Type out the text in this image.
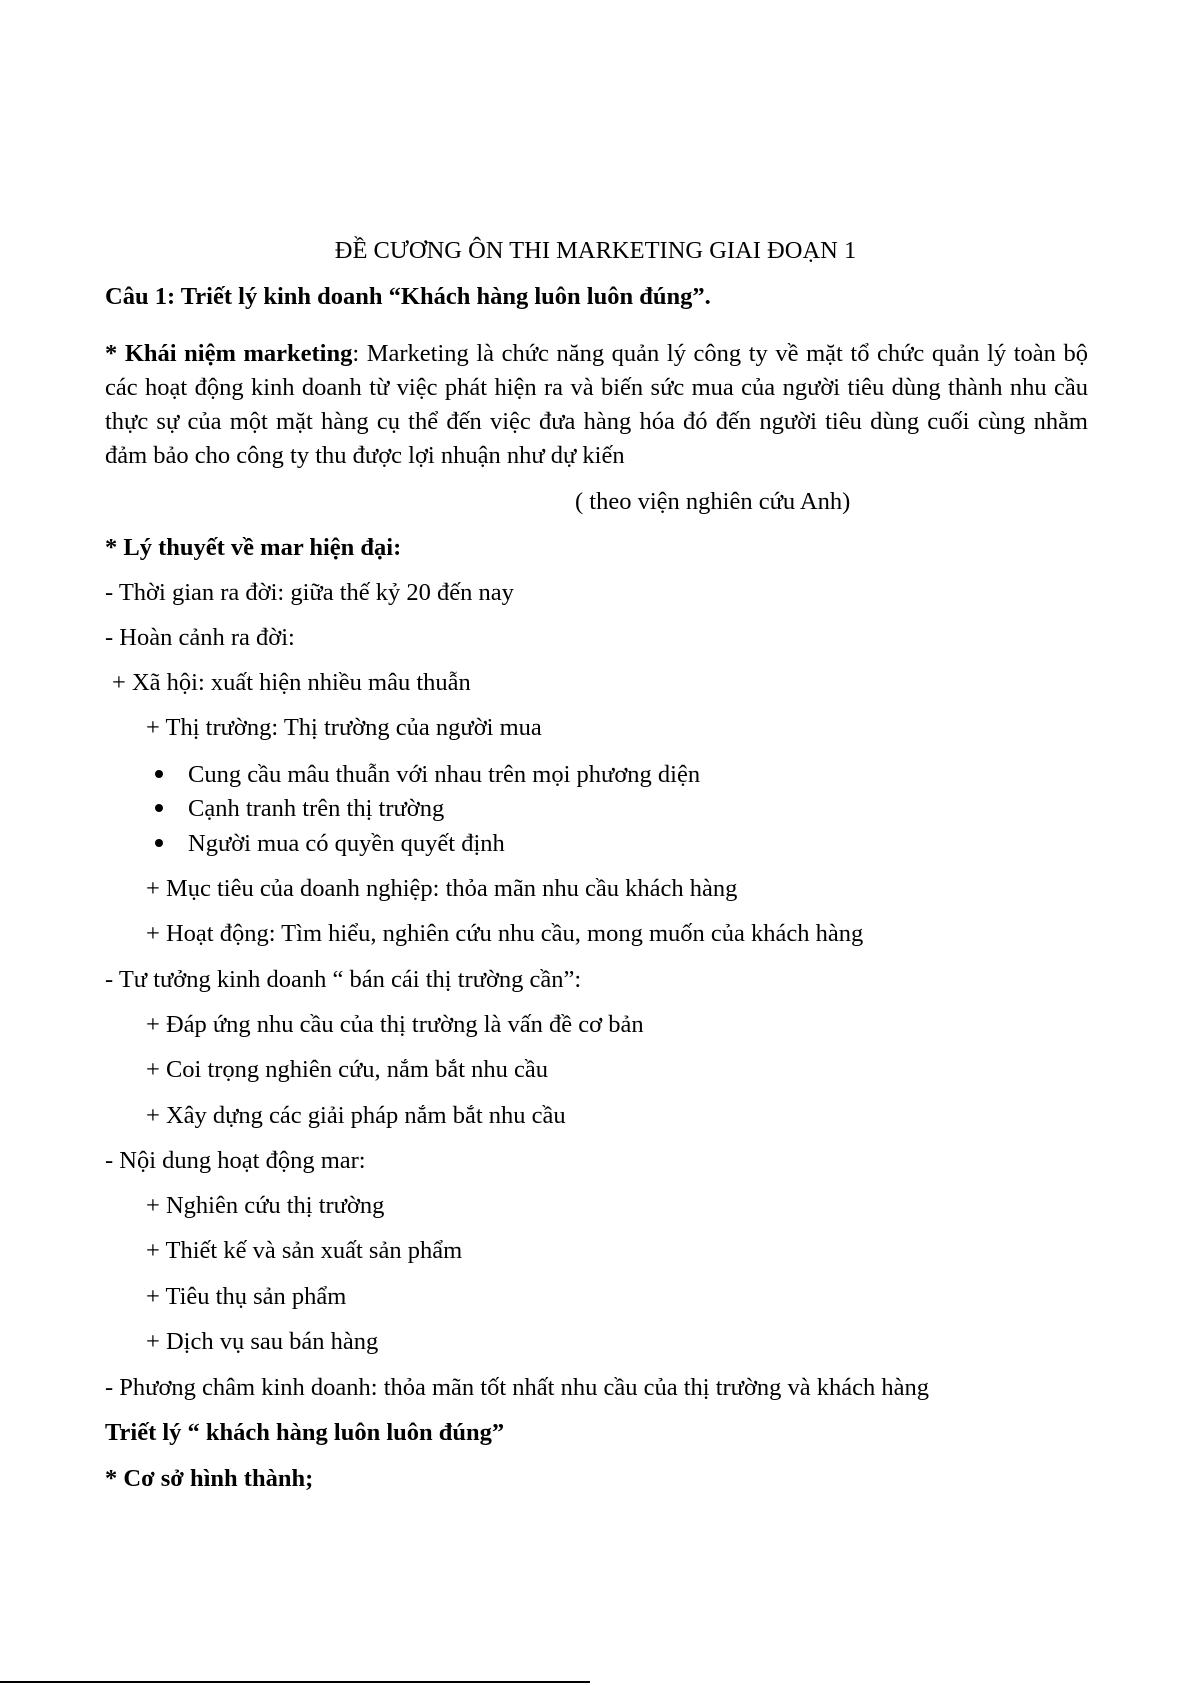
ĐỀ CƯƠNG ÔN THI MARKETING GIAI ĐOẠN 1
Câu 1: Triết lý kinh doanh “Khách hàng luôn luôn đúng”.
* Khái niệm marketing: Marketing là chức năng quản lý công ty về mặt tổ chức quản lý toàn bộ các hoạt động kinh doanh từ việc phát hiện ra và biến sức mua của người tiêu dùng thành nhu cầu thực sự của một mặt hàng cụ thể đến việc đưa hàng hóa đó đến người tiêu dùng cuối cùng nhằm đảm bảo cho công ty thu được lợi nhuận như dự kiến
( theo viện nghiên cứu Anh)
* Lý thuyết về mar hiện đại:
- Thời gian ra đời: giữa thế kỷ 20 đến nay
- Hoàn cảnh ra đời:
+ Xã hội: xuất hiện nhiều mâu thuẫn
+ Thị trường: Thị trường của người mua
Cung cầu mâu thuẫn với nhau trên mọi phương diện
Cạnh tranh trên thị trường
Người mua có quyền quyết định
+ Mục tiêu của doanh nghiệp: thỏa mãn nhu cầu khách hàng
+ Hoạt động: Tìm hiểu, nghiên cứu nhu cầu, mong muốn của khách hàng
- Tư tưởng kinh doanh “ bán cái thị trường cần”:
+ Đáp ứng nhu cầu của thị trường là vấn đề cơ bản
+ Coi trọng nghiên cứu, nắm bắt nhu cầu
+ Xây dựng các giải pháp nắm bắt nhu cầu
- Nội dung hoạt động mar:
+ Nghiên cứu thị trường
+ Thiết kế và sản xuất sản phẩm
+ Tiêu thụ sản phẩm
+ Dịch vụ sau bán hàng
- Phương châm kinh doanh: thỏa mãn tốt nhất nhu cầu của thị trường và khách hàng
Triết lý “ khách hàng luôn luôn đúng”
* Cơ sở hình thành;
